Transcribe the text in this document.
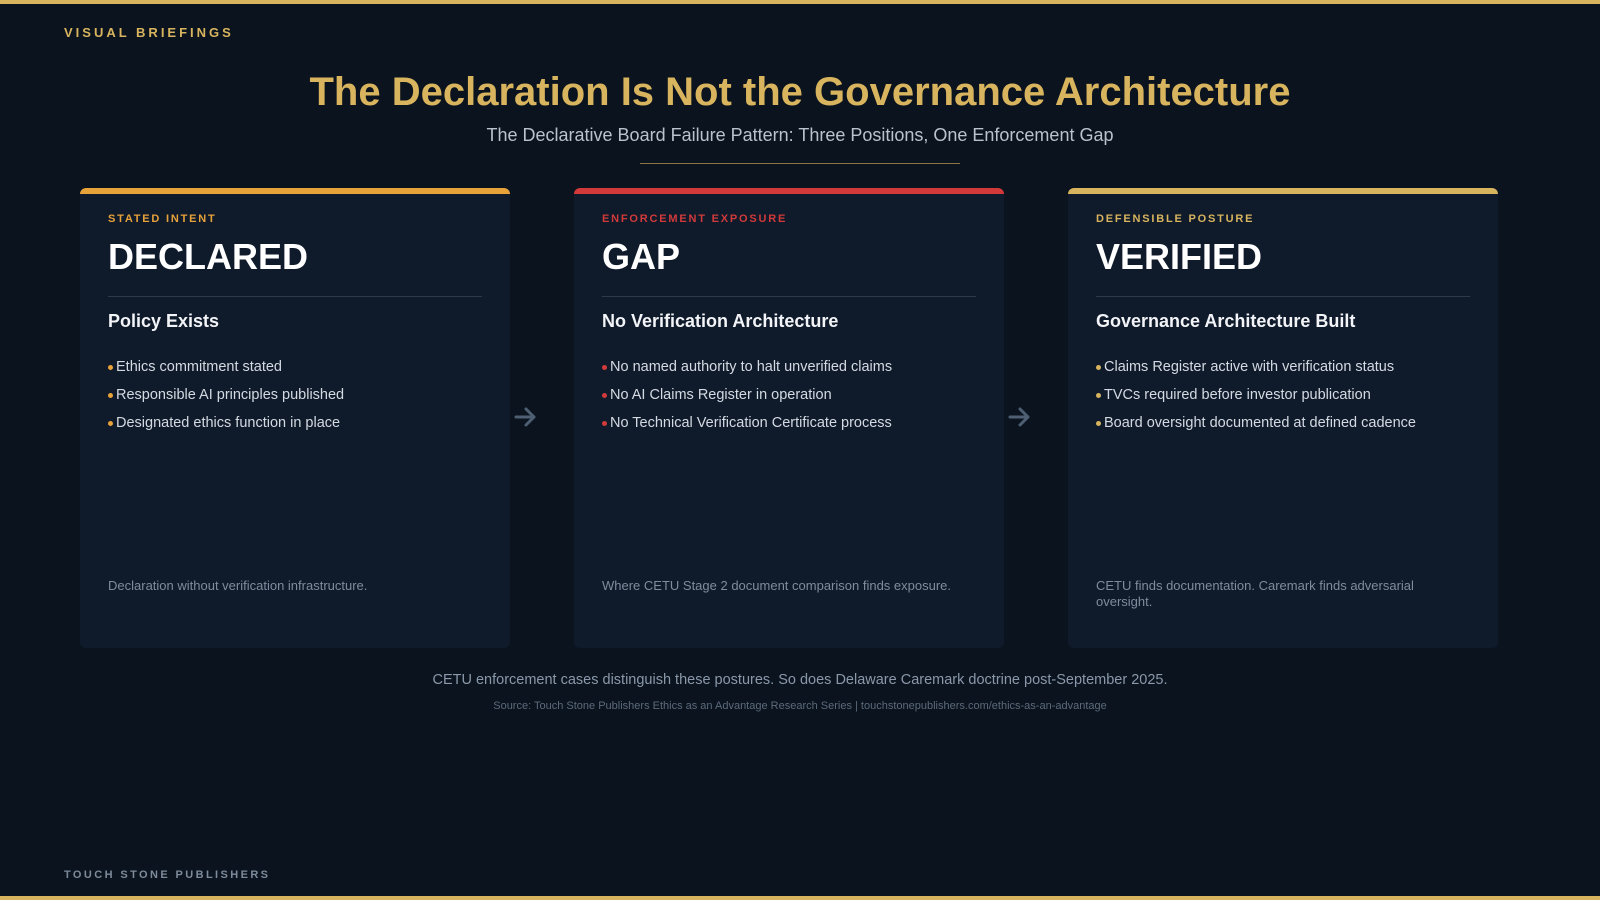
VISUAL BRIEFINGS
The Declaration Is Not the Governance Architecture
The Declarative Board Failure Pattern: Three Positions, One Enforcement Gap
STATED INTENT
DECLARED
Policy Exists
Ethics commitment stated
Responsible AI principles published
Designated ethics function in place
Declaration without verification infrastructure.
ENFORCEMENT EXPOSURE
GAP
No Verification Architecture
No named authority to halt unverified claims
No AI Claims Register in operation
No Technical Verification Certificate process
Where CETU Stage 2 document comparison finds exposure.
DEFENSIBLE POSTURE
VERIFIED
Governance Architecture Built
Claims Register active with verification status
TVCs required before investor publication
Board oversight documented at defined cadence
CETU finds documentation. Caremark finds adversarial oversight.
CETU enforcement cases distinguish these postures. So does Delaware Caremark doctrine post-September 2025.
Source: Touch Stone Publishers Ethics as an Advantage Research Series | touchstonepublishers.com/ethics-as-an-advantage
TOUCH STONE PUBLISHERS
